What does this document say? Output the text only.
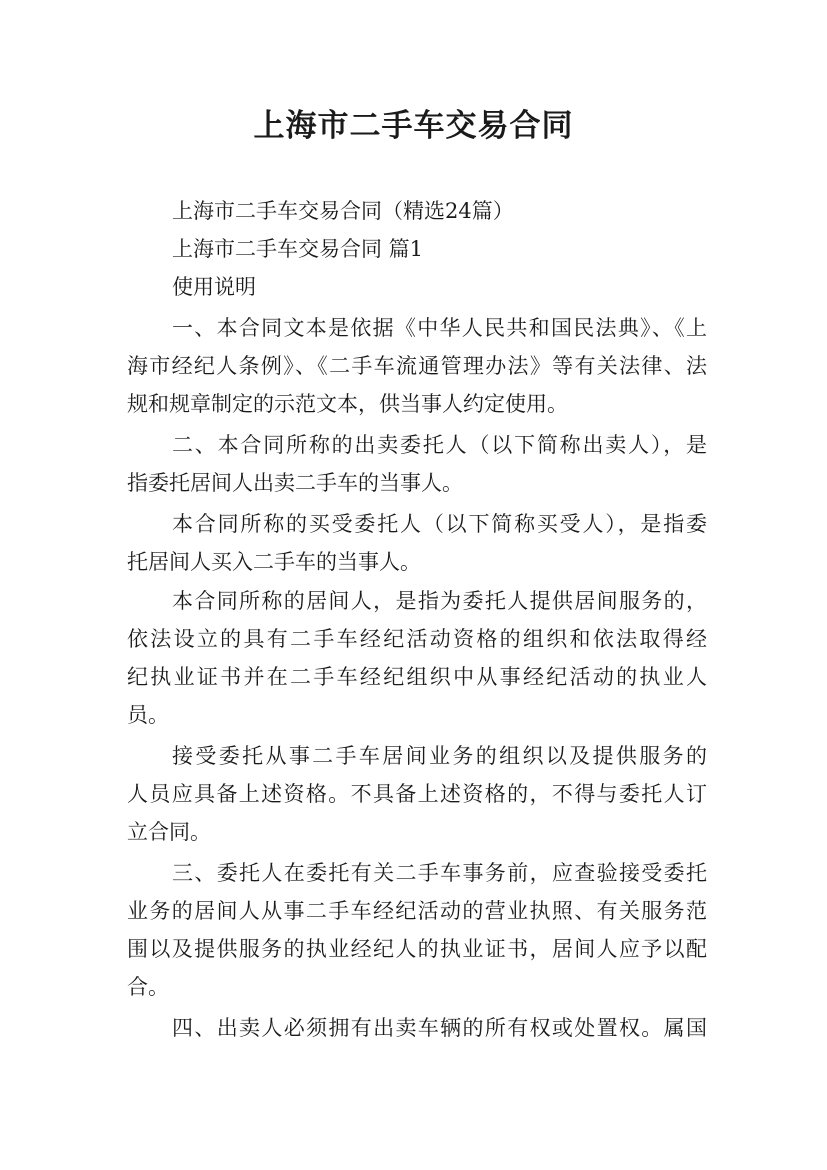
上海市二手车交易合同
上海市二手车交易合同（精选24篇）
上海市二手车交易合同 篇1
使用说明
一、本合同文本是依据《中华人民共和国民法典》、《上
海市经纪人条例》、《二手车流通管理办法》等有关法律、法
规和规章制定的示范文本，供当事人约定使用。
二、本合同所称的出卖委托人（以下简称出卖人），是
指委托居间人出卖二手车的当事人。
本合同所称的买受委托人（以下简称买受人），是指委
托居间人买入二手车的当事人。
本合同所称的居间人，是指为委托人提供居间服务的，
依法设立的具有二手车经纪活动资格的组织和依法取得经
纪执业证书并在二手车经纪组织中从事经纪活动的执业人
员。
接受委托从事二手车居间业务的组织以及提供服务的
人员应具备上述资格。不具备上述资格的，不得与委托人订
立合同。
三、委托人在委托有关二手车事务前，应查验接受委托
业务的居间人从事二手车经纪活动的营业执照、有关服务范
围以及提供服务的执业经纪人的执业证书，居间人应予以配
合。
四、出卖人必须拥有出卖车辆的所有权或处置权。属国
